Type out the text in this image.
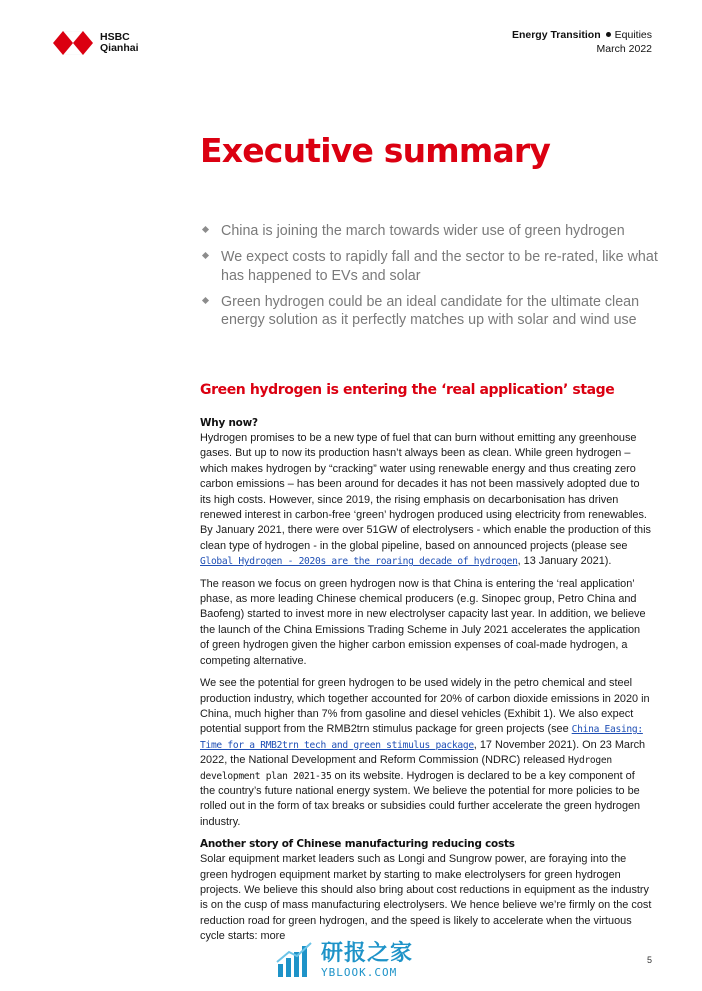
HSBC
Qianhai
Energy Transition Equities
March 2022
Executive summary
China is joining the march towards wider use of green hydrogen
We expect costs to rapidly fall and the sector to be re-rated, like what has happened to EVs and solar
Green hydrogen could be an ideal candidate for the ultimate clean energy solution as it perfectly matches up with solar and wind use
Green hydrogen is entering the ‘real application’ stage
Why now?

Hydrogen promises to be a new type of fuel that can burn without emitting any greenhouse gases. But up to now its production hasn’t always been as clean. While green hydrogen – which makes hydrogen by “cracking” water using renewable energy and thus creating zero carbon emissions – has been around for decades it has not been massively adopted due to its high costs. However, since 2019, the rising emphasis on decarbonisation has driven renewed interest in carbon-free ‘green’ hydrogen produced using electricity from renewables. By January 2021, there were over 51GW of electrolysers - which enable the production of this clean type of hydrogen - in the global pipeline, based on announced projects (please see Global Hydrogen - 2020s are the roaring decade of hydrogen, 13 January 2021).

The reason we focus on green hydrogen now is that China is entering the ‘real application’ phase, as more leading Chinese chemical producers (e.g. Sinopec group, Petro China and Baofeng) started to invest more in new electrolyser capacity last year. In addition, we believe the launch of the China Emissions Trading Scheme in July 2021 accelerates the application of green hydrogen given the higher carbon emission expenses of coal-made hydrogen, a competing alternative.

We see the potential for green hydrogen to be used widely in the petro chemical and steel production industry, which together accounted for 20% of carbon dioxide emissions in 2020 in China, much higher than 7% from gasoline and diesel vehicles (Exhibit 1). We also expect potential support from the RMB2trn stimulus package for green projects (see China Easing: Time for a RMB2trn tech and green stimulus package, 17 November 2021). On 23 March 2022, the National Development and Reform Commission (NDRC) released Hydrogen development plan 2021-35 on its website. Hydrogen is declared to be a key component of the country’s future national energy system. We believe the potential for more policies to be rolled out in the form of tax breaks or subsidies could further accelerate the green hydrogen industry.

Another story of Chinese manufacturing reducing costs

Solar equipment market leaders such as Longi and Sungrow power, are foraying into the green hydrogen equipment market by starting to make electrolysers for green hydrogen projects. We believe this should also bring about cost reductions in equipment as the industry is on the cusp of mass manufacturing electrolysers. We hence believe we’re firmly on the cost reduction road for green hydrogen, and the speed is likely to accelerate when the virtuous cycle starts: more

研报之家
YBLOOK.COM
5
